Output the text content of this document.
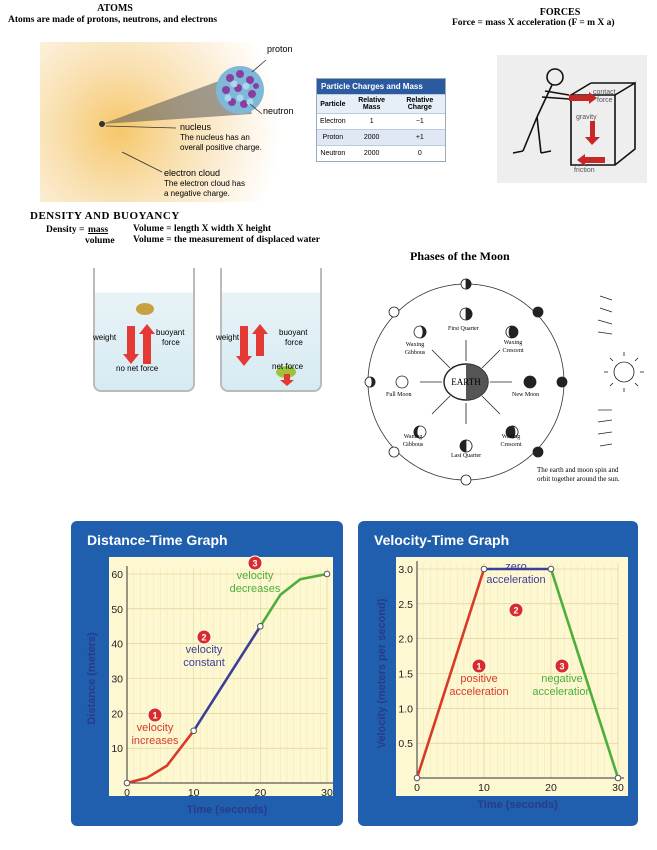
ATOMS
Atoms are made of protons, neutrons, and electrons
proton
neutron
nucleus
The nucleus has an
overall positive charge.
electron cloud
The electron cloud has
a negative charge.
Particle Charges and Mass
Particle	Relative Mass	Relative Charge
Electron	1	−1
Proton	2000	+1
Neutron	2000	0
FORCES
Force = mass X acceleration (F = m X a)
contact
force
gravity
friction
DENSITY AND BUOYANCY
Density = mass
volume
Volume = length X width X height
Volume = the measurement of displaced water
weight
buoyant
force
no net force
weight
buoyant
force
net force
Phases of the Moon
EARTH
First Quarter
Waxing
Crescent
Waxing
Gibbous
Full Moon	New Moon
Waning
Gibbous
Waning
Crescent
Last Quarter
The earth and moon spin and
orbit together around the sun.
Distance-Time Graph
0	10	20	30
10
20
30
40
50
60
Time (seconds)
Distance (meters)	1
velocity
increases
2
velocity
constant
3
velocity
decreases
Velocity-Time Graph
0	10	20	30
0.5
1.0
1.5
2.0
2.5
3.0
Time (seconds)
Velocity (meters per second)	1
positive
acceleration
2
zero
acceleration
3
negative
acceleration
